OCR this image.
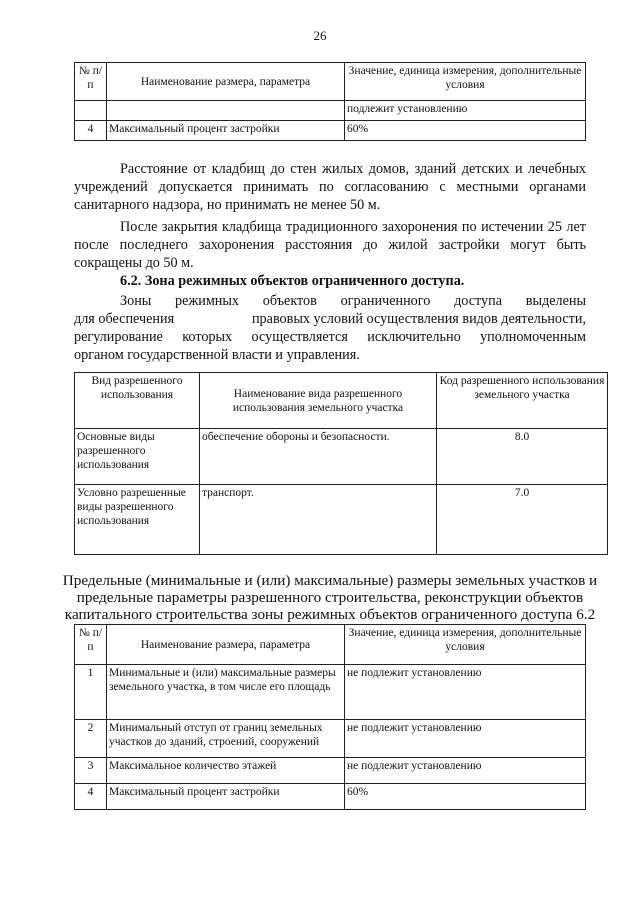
26
№ п/п	Наименование размера, параметра	Значение, единица измерения, дополнительные условия
		подлежит установлению
4	Максимальный процент застройки	60%
Расстояние от кладбищ до стен жилых домов, зданий детских и лечебных учреждений допускается принимать по согласованию с местными органами санитарного надзора, но принимать не менее 50 м.
После закрытия кладбища традиционного захоронения по истечении 25 лет после последнего захоронения расстояния до жилой застройки могут быть сокращены до 50 м.
6.2. Зона режимных объектов ограниченного доступа.
Зоны режимных объектов ограниченного доступа выделены
для обеспечения	правовых условий осуществления видов деятельности,
регулирование которых осуществляется исключительно уполномоченным
органом государственной власти и управления.
Вид разрешенного использования	Наименование вида разрешенного использования земельного участка	Код разрешенного использования земельного участка
Основные виды разрешенного использования	обеспечение обороны и безопасности.	8.0
Условно разрешенные виды разрешенного использования	транспорт.	7.0
Предельные (минимальные и (или) максимальные) размеры земельных участков и
предельные параметры разрешенного строительства, реконструкции объектов
капитального строительства зоны режимных объектов ограниченного доступа 6.2
№ п/п	Наименование размера, параметра	Значение, единица измерения, дополнительные условия
1	Минимальные и (или) максимальные размеры земельного участка, в том числе его площадь	не подлежит установлению
2	Минимальный отступ от границ земельных участков до зданий, строений, сооружений	не подлежит установлению
3	Максимальное количество этажей	не подлежит установлению
4	Максимальный процент застройки	60%
